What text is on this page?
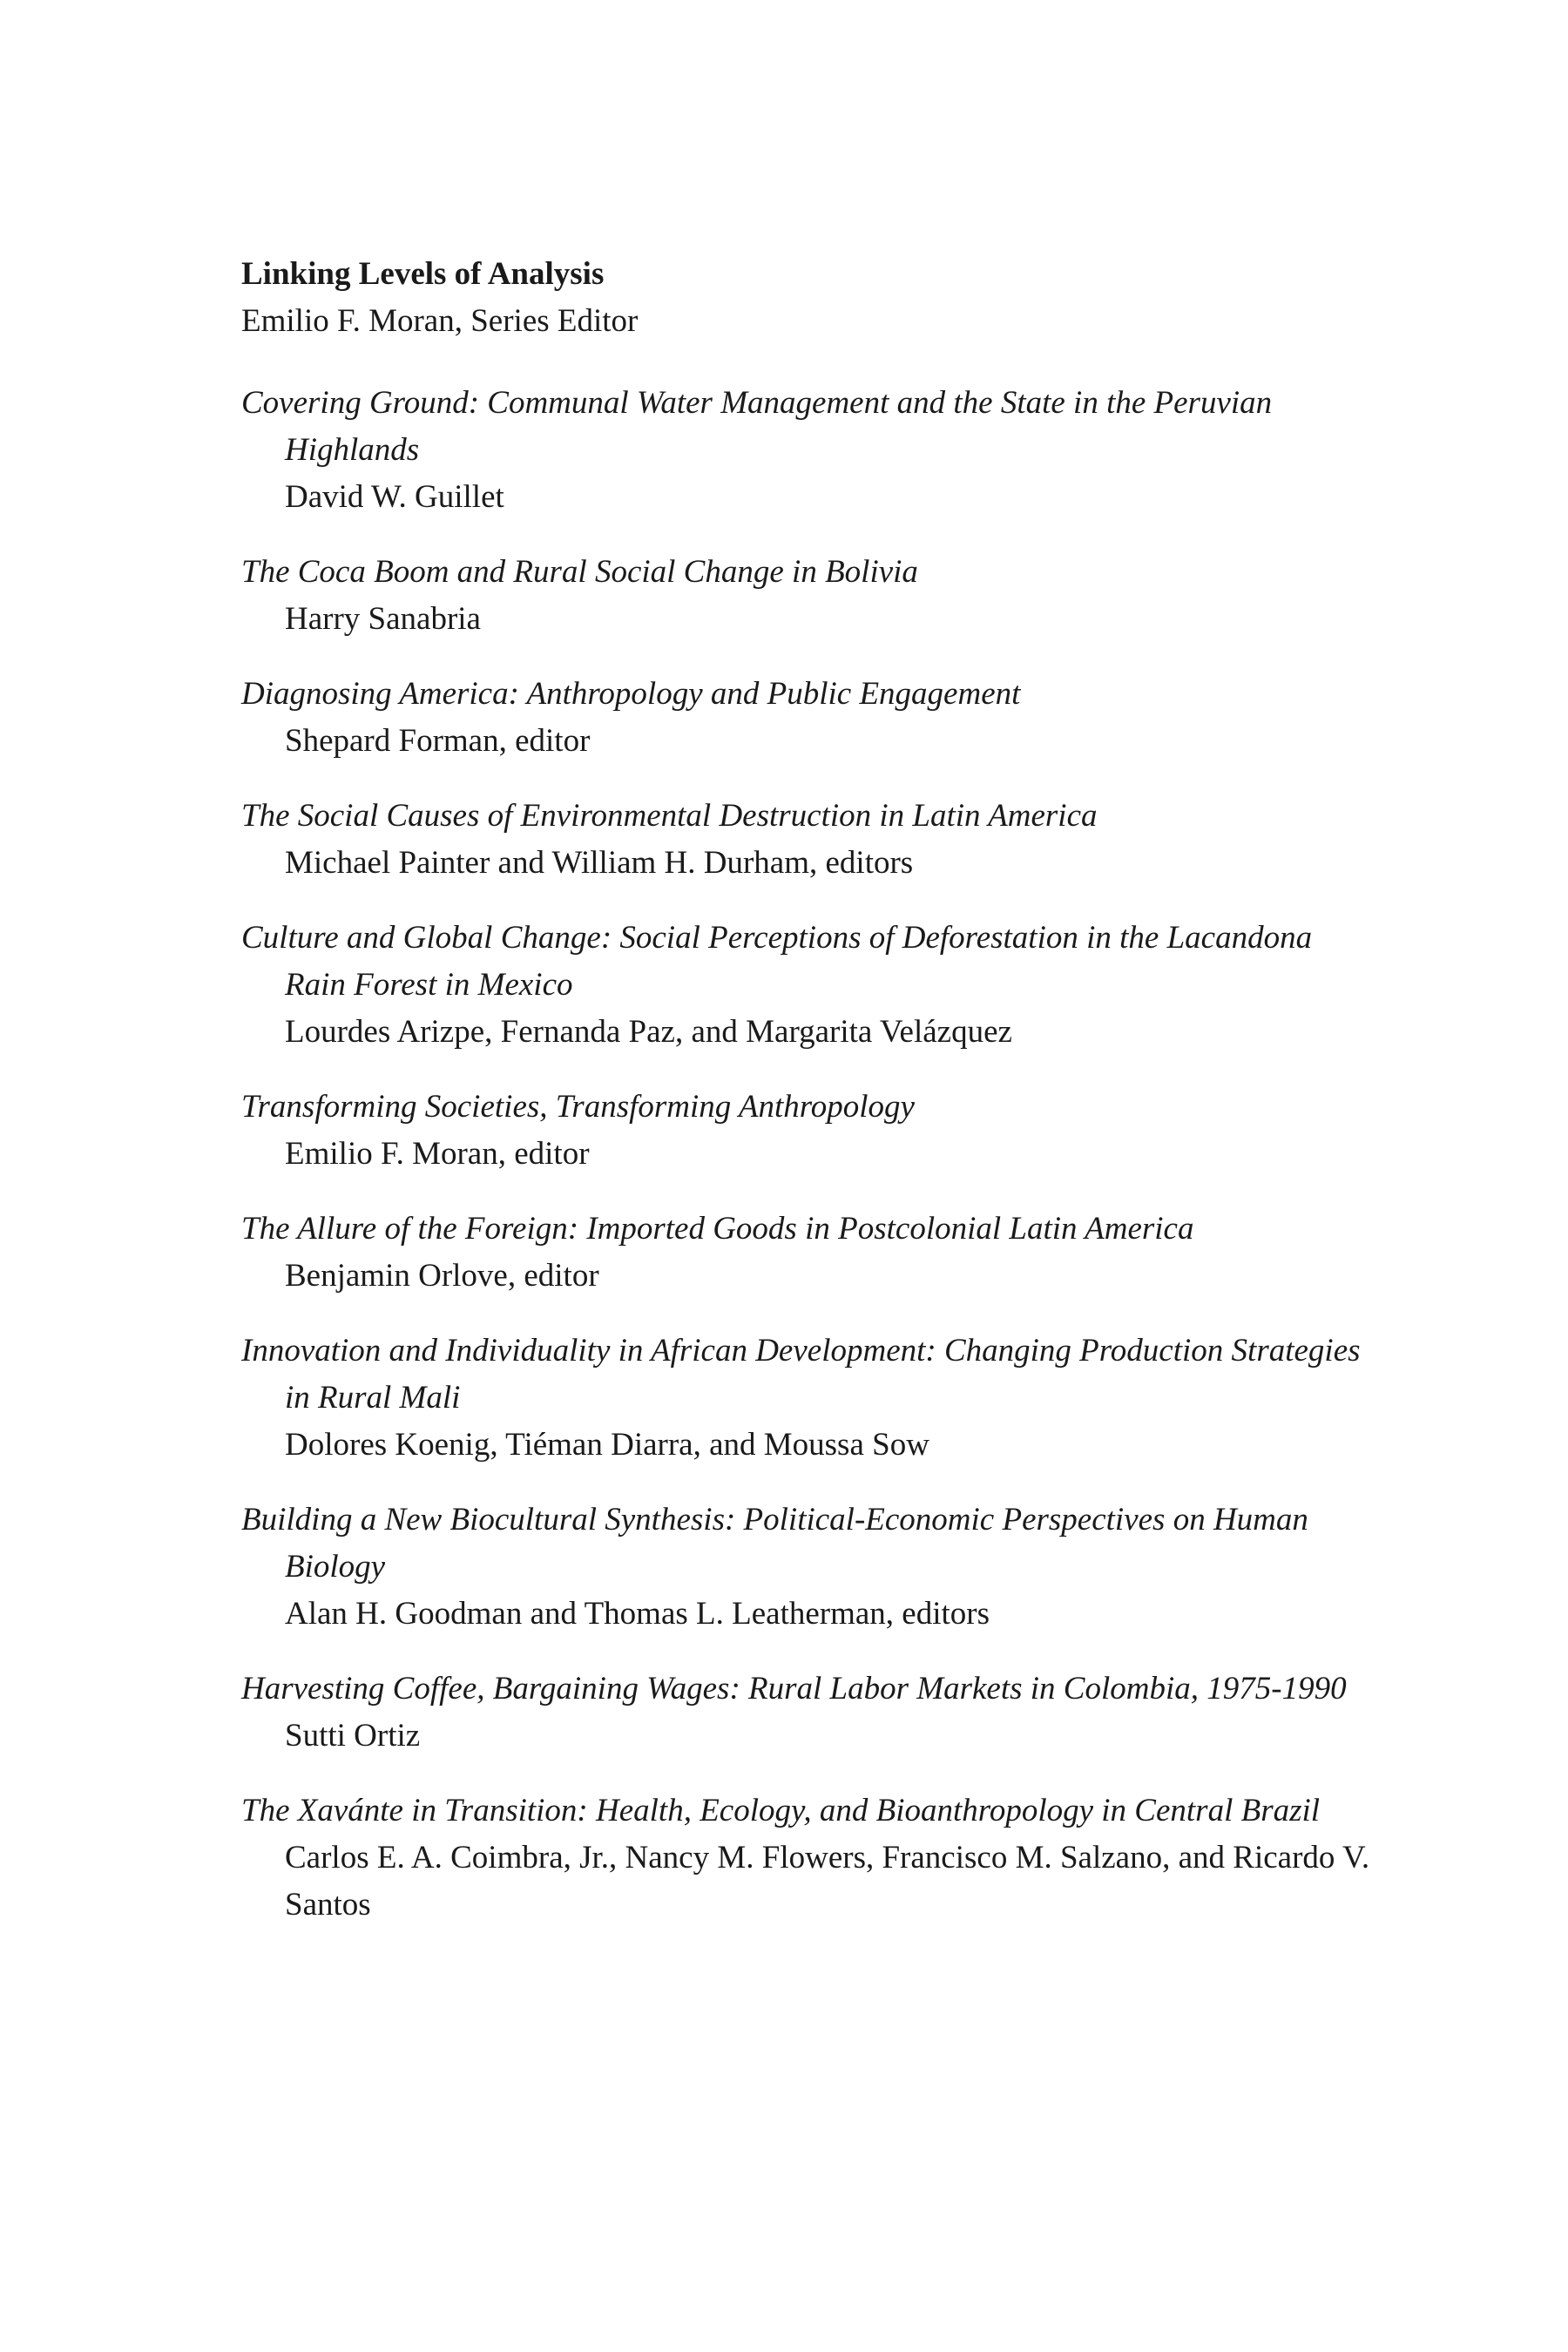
Linking Levels of Analysis

Emilio F. Moran, Series Editor

Covering Ground: Communal Water Management and the State in the Peruvian Highlands

David W. Guillet

The Coca Boom and Rural Social Change in Bolivia

Harry Sanabria

Diagnosing America: Anthropology and Public Engagement

Shepard Forman, editor

The Social Causes of Environmental Destruction in Latin America

Michael Painter and William H. Durham, editors

Culture and Global Change: Social Perceptions of Deforestation in the Lacandona Rain Forest in Mexico

Lourdes Arizpe, Fernanda Paz, and Margarita Velázquez

Transforming Societies, Transforming Anthropology

Emilio F. Moran, editor

The Allure of the Foreign: Imported Goods in Postcolonial Latin America

Benjamin Orlove, editor

Innovation and Individuality in African Development: Changing Production Strategies in Rural Mali

Dolores Koenig, Tiéman Diarra, and Moussa Sow

Building a New Biocultural Synthesis: Political-Economic Perspectives on Human Biology

Alan H. Goodman and Thomas L. Leatherman, editors

Harvesting Coffee, Bargaining Wages: Rural Labor Markets in Colombia, 1975-1990

Sutti Ortiz

The Xavánte in Transition: Health, Ecology, and Bioanthropology in Central Brazil

Carlos E. A. Coimbra, Jr., Nancy M. Flowers, Francisco M. Salzano, and Ricardo V. Santos
